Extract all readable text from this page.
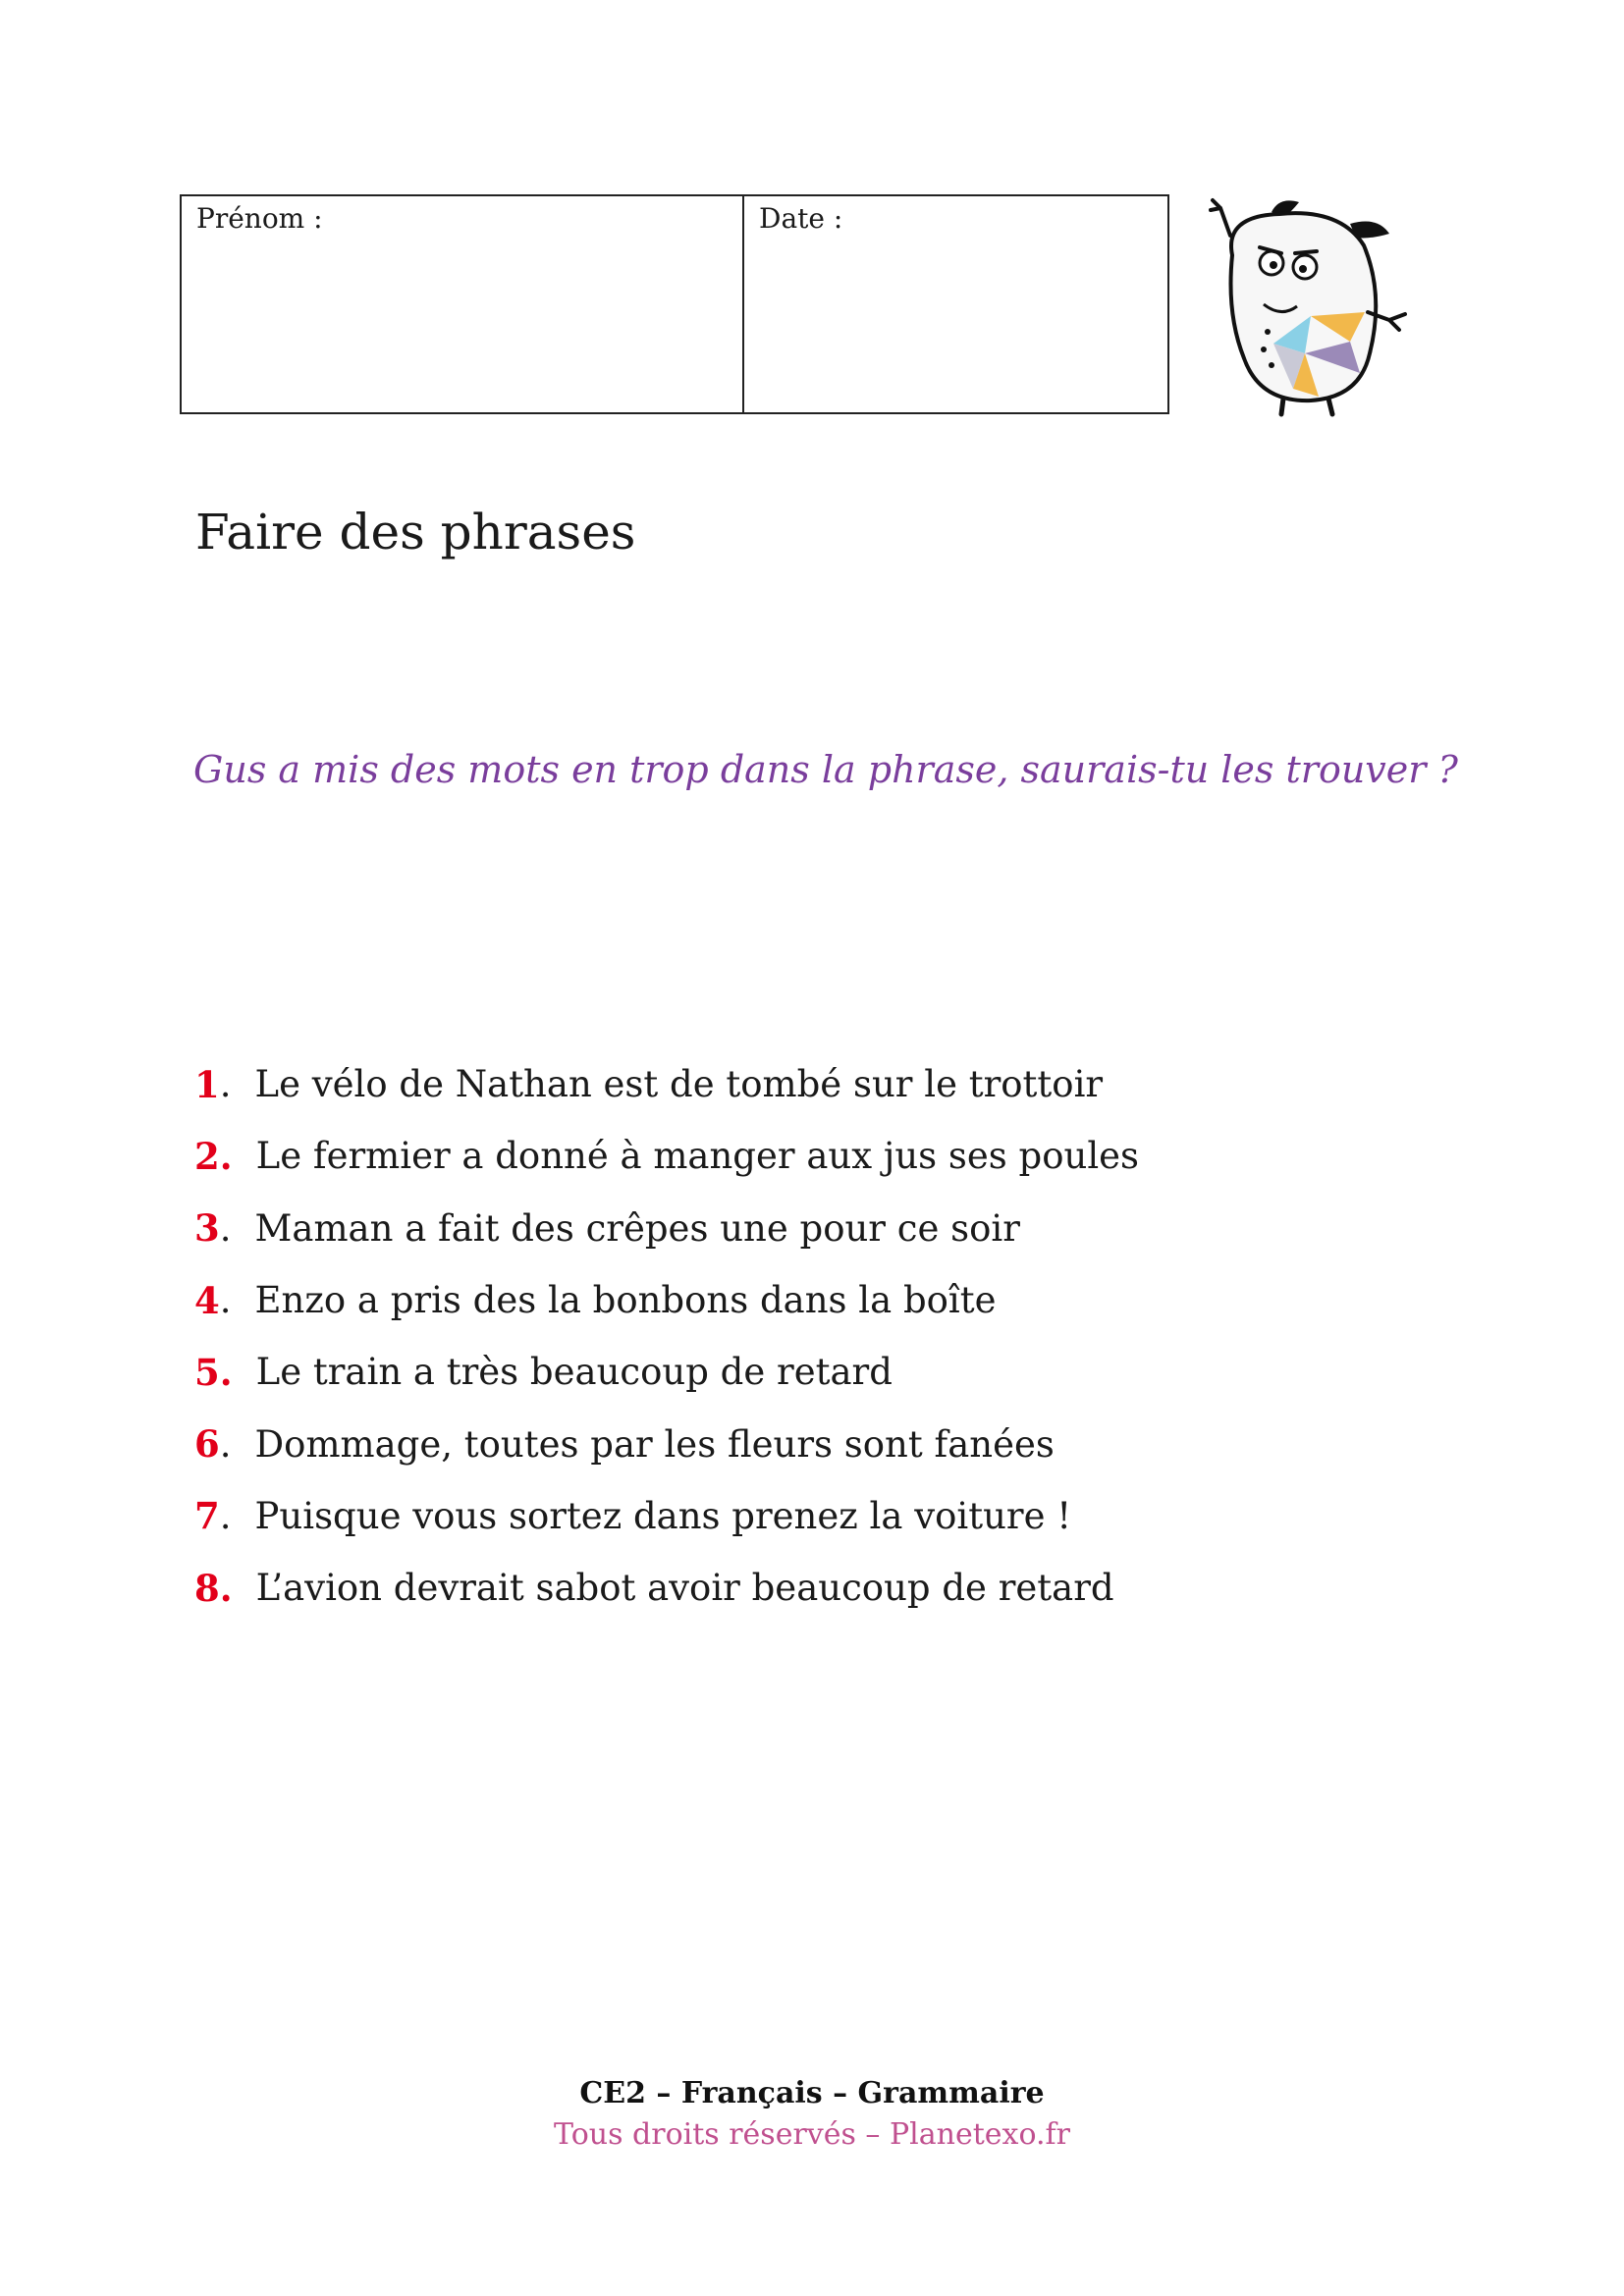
Prénom :	Date :
Faire des phrases
Gus a mis des mots en trop dans la phrase, saurais-tu les trouver ?
1 . Le vélo de Nathan est de tombé sur le trottoir
2 . Le fermier a donné à manger aux jus ses poules
3 . Maman a fait des crêpes une pour ce soir
4 . Enzo a pris des la bonbons dans la boîte
5 . Le train a très beaucoup de retard
6 . Dommage, toutes par les fleurs sont fanées
7 . Puisque vous sortez dans prenez la voiture !
8 . L’avion devrait sabot avoir beaucoup de retard
CE2 – Français – Grammaire
Tous droits réservés – Planetexo.fr
